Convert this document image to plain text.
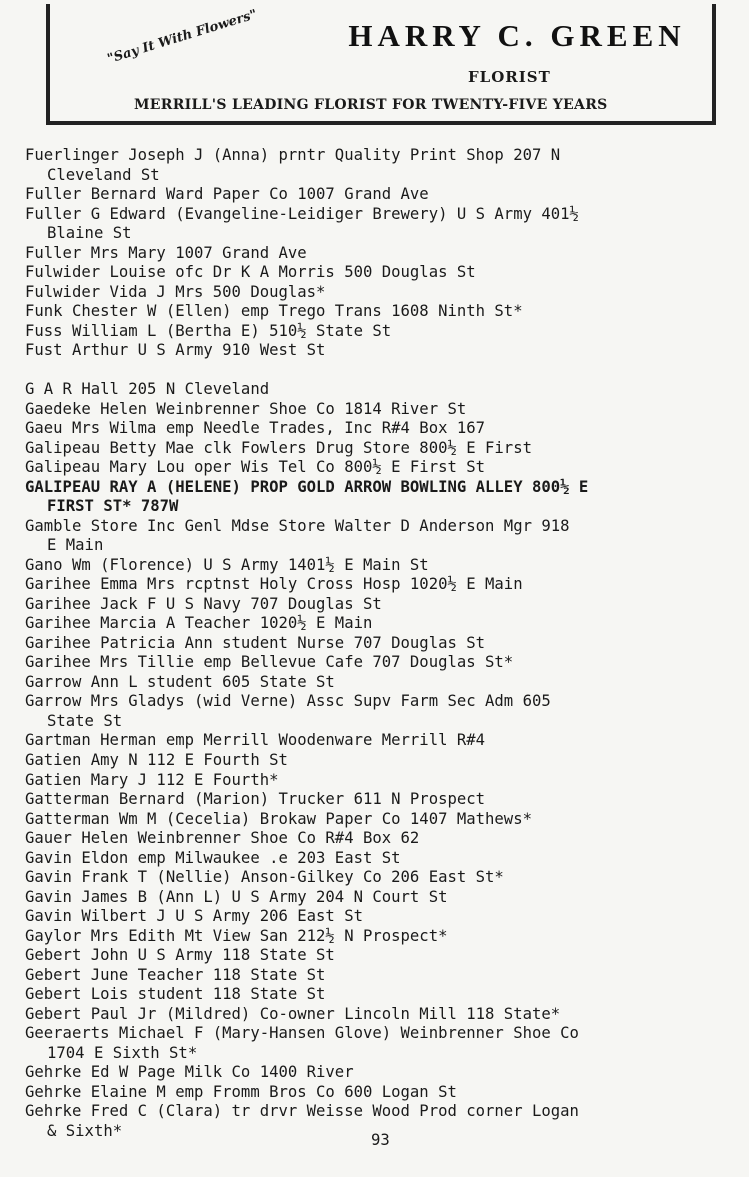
HARRY C. GREEN
"Say It With Flowers"
FLORIST
MERRILL'S LEADING FLORIST FOR TWENTY-FIVE YEARS
Fuerlinger Joseph J (Anna) prntr Quality Print Shop 207 N
Cleveland St
Fuller Bernard Ward Paper Co 1007 Grand Ave
Fuller G Edward (Evangeline-Leidiger Brewery) U S Army 401½
Blaine St
Fuller Mrs Mary 1007 Grand Ave
Fulwider Louise ofc Dr K A Morris 500 Douglas St
Fulwider Vida J Mrs 500 Douglas*
Funk Chester W (Ellen) emp Trego Trans 1608 Ninth St*
Fuss William L (Bertha E) 510½ State St
Fust Arthur U S Army 910 West St
G A R Hall 205 N Cleveland
Gaedeke Helen Weinbrenner Shoe Co 1814 River St
Gaeu Mrs Wilma emp Needle Trades, Inc R#4 Box 167
Galipeau Betty Mae clk Fowlers Drug Store 800½ E First
Galipeau Mary Lou oper Wis Tel Co 800½ E First St
GALIPEAU RAY A (HELENE) PROP GOLD ARROW BOWLING ALLEY 800½ E
FIRST ST* 787W
Gamble Store Inc Genl Mdse Store Walter D Anderson Mgr 918
E Main
Gano Wm (Florence) U S Army 1401½ E Main St
Garihee Emma Mrs rcptnst Holy Cross Hosp 1020½ E Main
Garihee Jack F U S Navy 707 Douglas St
Garihee Marcia A Teacher 1020½ E Main
Garihee Patricia Ann student Nurse 707 Douglas St
Garihee Mrs Tillie emp Bellevue Cafe 707 Douglas St*
Garrow Ann L student 605 State St
Garrow Mrs Gladys (wid Verne) Assc Supv Farm Sec Adm 605
State St
Gartman Herman emp Merrill Woodenware Merrill R#4
Gatien Amy N 112 E Fourth St
Gatien Mary J 112 E Fourth*
Gatterman Bernard (Marion) Trucker 611 N Prospect
Gatterman Wm M (Cecelia) Brokaw Paper Co 1407 Mathews*
Gauer Helen Weinbrenner Shoe Co R#4 Box 62
Gavin Eldon emp Milwaukee .e 203 East St
Gavin Frank T (Nellie) Anson-Gilkey Co 206 East St*
Gavin James B (Ann L) U S Army 204 N Court St
Gavin Wilbert J U S Army 206 East St
Gaylor Mrs Edith Mt View San 212½ N Prospect*
Gebert John U S Army 118 State St
Gebert June Teacher 118 State St
Gebert Lois student 118 State St
Gebert Paul Jr (Mildred) Co-owner Lincoln Mill 118 State*
Geeraerts Michael F (Mary-Hansen Glove) Weinbrenner Shoe Co
1704 E Sixth St*
Gehrke Ed W Page Milk Co 1400 River
Gehrke Elaine M emp Fromm Bros Co 600 Logan St
Gehrke Fred C (Clara) tr drvr Weisse Wood Prod corner Logan
& Sixth*
93
